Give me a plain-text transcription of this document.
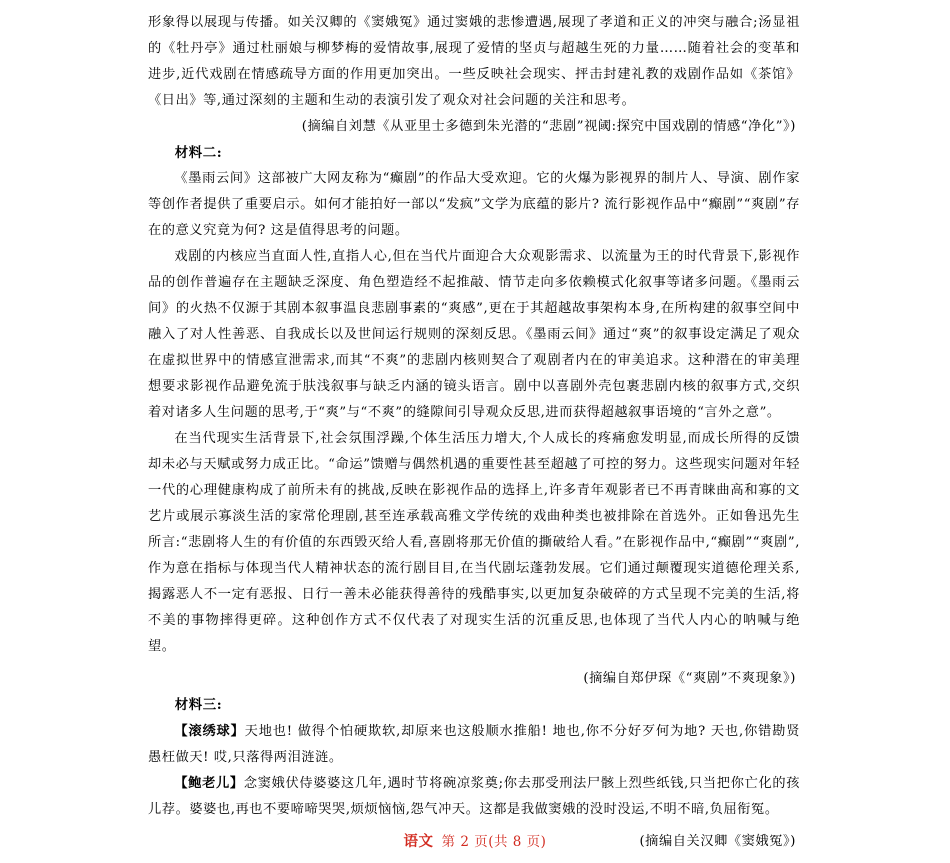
形象得以展现与传播。如关汉卿的《窦娥冤》通过窦娥的悲惨遭遇,展现了孝道和正义的冲突与融合;汤显祖的《牡丹亭》通过杜丽娘与柳梦梅的爱情故事,展现了爱情的坚贞与超越生死的力量……随着社会的变革和进步,近代戏剧在情感疏导方面的作用更加突出。一些反映社会现实、抨击封建礼教的戏剧作品如《茶馆》《日出》等,通过深刻的主题和生动的表演引发了观众对社会问题的关注和思考。

(摘编自刘慧《从亚里士多德到朱光潜的“悲剧”视阈:探究中国戏剧的情感“净化”》)

材料二:

《墨雨云间》这部被广大网友称为“癫剧”的作品大受欢迎。它的火爆为影视界的制片人、导演、剧作家等创作者提供了重要启示。如何才能拍好一部以“发疯”文学为底蕴的影片? 流行影视作品中“癫剧”“爽剧”存在的意义究竟为何? 这是值得思考的问题。

戏剧的内核应当直面人性,直指人心,但在当代片面迎合大众观影需求、以流量为王的时代背景下,影视作品的创作普遍存在主题缺乏深度、角色塑造经不起推敲、情节走向多依赖模式化叙事等诸多问题。《墨雨云间》的火热不仅源于其剧本叙事温良悲剧事素的“爽感”,更在于其超越故事架构本身,在所构建的叙事空间中融入了对人性善恶、自我成长以及世间运行规则的深刻反思。《墨雨云间》通过“爽”的叙事设定满足了观众在虚拟世界中的情感宣泄需求,而其“不爽”的悲剧内核则契合了观剧者内在的审美追求。这种潜在的审美理想要求影视作品避免流于肤浅叙事与缺乏内涵的镜头语言。剧中以喜剧外壳包裹悲剧内核的叙事方式,交织着对诸多人生问题的思考,于“爽”与“不爽”的缝隙间引导观众反思,进而获得超越叙事语境的“言外之意”。

在当代现实生活背景下,社会氛围浮躁,个体生活压力增大,个人成长的疼痛愈发明显,而成长所得的反馈却未必与天赋或努力成正比。“命运”馈赠与偶然机遇的重要性甚至超越了可控的努力。这些现实问题对年轻一代的心理健康构成了前所未有的挑战,反映在影视作品的选择上,许多青年观影者已不再青睐曲高和寡的文艺片或展示寡淡生活的家常伦理剧,甚至连承载高雅文学传统的戏曲种类也被排除在首选外。正如鲁迅先生所言:“悲剧将人生的有价值的东西毁灭给人看,喜剧将那无价值的撕破给人看。”在影视作品中,“癫剧”“爽剧”,作为意在指标与体现当代人精神状态的流行剧目目,在当代剧坛蓬勃发展。它们通过颠覆现实道德伦理关系,揭露恶人不一定有恶报、日行一善未必能获得善待的残酷事实,以更加复杂破碎的方式呈现不完美的生活,将不美的事物摔得更碎。这种创作方式不仅代表了对现实生活的沉重反思,也体现了当代人内心的呐喊与绝望。

(摘编自郑伊琛《“爽剧”不爽现象》)

材料三:

【滚绣球】天地也! 做得个怕硬欺软,却原来也这般顺水推船! 地也,你不分好歹何为地? 天也,你错勘贤愚枉做天! 哎,只落得两泪涟涟。

【鲍老儿】念窦娥伏侍婆婆这几年,遇时节将碗凉浆奠;你去那受刑法尸骸上烈些纸钱,只当把你亡化的孩儿荐。婆婆也,再也不要啼啼哭哭,烦烦恼恼,怨气冲天。这都是我做窦娥的没时没运,不明不暗,负屈衔冤。

(摘编自关汉卿《窦娥冤》)

语文 第 2 页(共 8 页)
